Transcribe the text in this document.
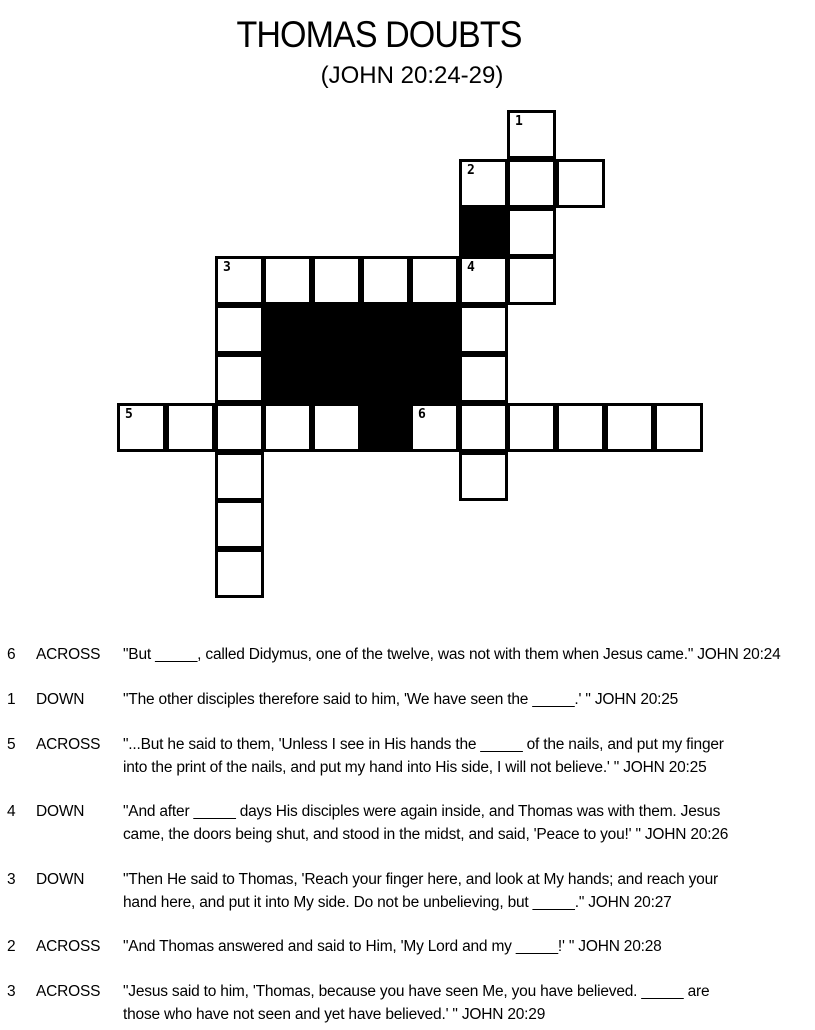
THOMAS DOUBTS
(JOHN 20:24-29)
1
2
3	4
5	6
6 ACROSS "But _____, called Didymus, one of the twelve, was not with them when Jesus came." JOHN 20:24
1 DOWN "The other disciples therefore said to him, 'We have seen the _____.' " JOHN 20:25
5 ACROSS "...But he said to them, 'Unless I see in His hands the _____ of the nails, and put my finger
into the print of the nails, and put my hand into His side, I will not believe.' " JOHN 20:25
4 DOWN "And after _____ days His disciples were again inside, and Thomas was with them. Jesus
came, the doors being shut, and stood in the midst, and said, 'Peace to you!' " JOHN 20:26
3 DOWN "Then He said to Thomas, 'Reach your finger here, and look at My hands; and reach your
hand here, and put it into My side. Do not be unbelieving, but _____." JOHN 20:27
2 ACROSS "And Thomas answered and said to Him, 'My Lord and my _____!' " JOHN 20:28
3 ACROSS "Jesus said to him, 'Thomas, because you have seen Me, you have believed. _____ are
those who have not seen and yet have believed.' " JOHN 20:29
